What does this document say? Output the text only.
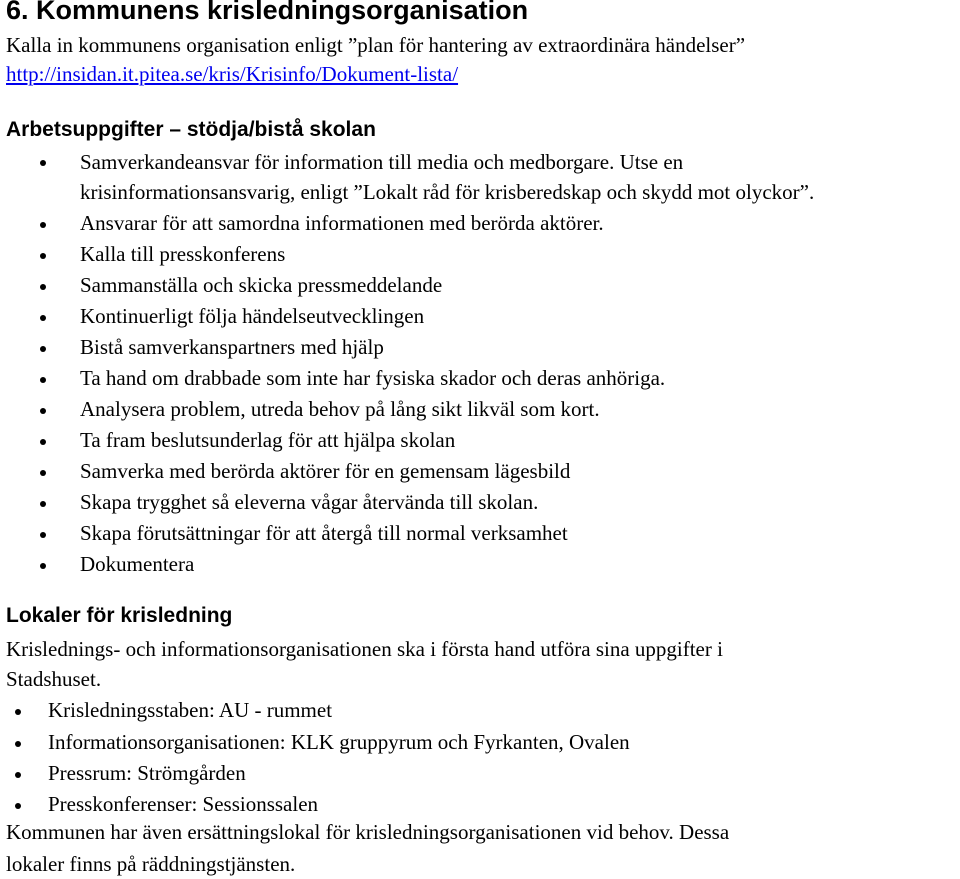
6. Kommunens krisledningsorganisation
Kalla in kommunens organisation enligt ”plan för hantering av extraordinära händelser”
http://insidan.it.pitea.se/kris/Krisinfo/Dokument-lista/
Arbetsuppgifter – stödja/bistå skolan
Samverkandeansvar för information till media och medborgare. Utse en
krisinformationsansvarig, enligt ”Lokalt råd för krisberedskap och skydd mot olyckor”.
Ansvarar för att samordna informationen med berörda aktörer.
Kalla till presskonferens
Sammanställa och skicka pressmeddelande
Kontinuerligt följa händelseutvecklingen
Bistå samverkanspartners med hjälp
Ta hand om drabbade som inte har fysiska skador och deras anhöriga.
Analysera problem, utreda behov på lång sikt likväl som kort.
Ta fram beslutsunderlag för att hjälpa skolan
Samverka med berörda aktörer för en gemensam lägesbild
Skapa trygghet så eleverna vågar återvända till skolan.
Skapa förutsättningar för att återgå till normal verksamhet
Dokumentera
Lokaler för krisledning
Krislednings- och informationsorganisationen ska i första hand utföra sina uppgifter i
Stadshuset.
Krisledningsstaben: AU - rummet
Informationsorganisationen: KLK gruppyrum och Fyrkanten, Ovalen
Pressrum: Strömgården
Presskonferenser: Sessionssalen
Kommunen har även ersättningslokal för krisledningsorganisationen vid behov. Dessa
lokaler finns på räddningstjänsten.
